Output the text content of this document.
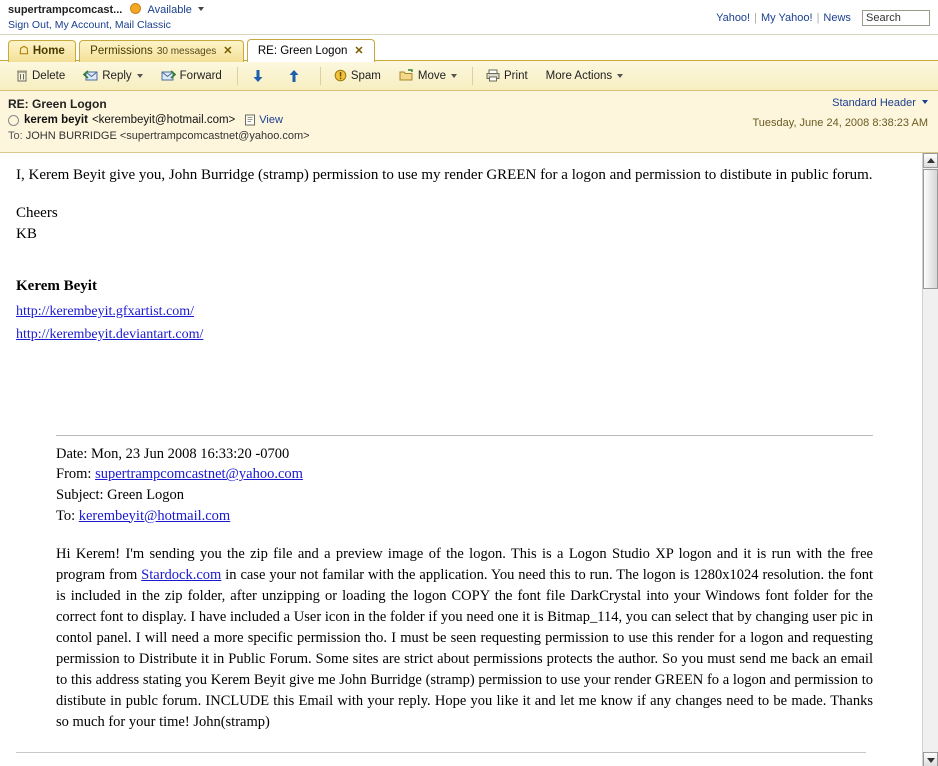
supertrampcomcast... Available
Sign Out, My Account, Mail Classic
Yahoo! | My Yahoo! | News Search
☖ Home Permissions 30 messages ✕ RE: Green Logon ✕
Delete	Reply	Forward	Spam	Move	Print More Actions
RE: Green Logon
kerem beyit <kerembeyit@hotmail.com> View
To: JOHN BURRIDGE <supertrampcomcastnet@yahoo.com>
Standard Header
Tuesday, June 24, 2008 8:38:23 AM
I, Kerem Beyit give you, John Burridge (stramp) permission to use my render GREEN for a logon and permission to distibute in public forum.
Cheers
KB
Kerem Beyit
http://kerembeyit.gfxartist.com/
http://kerembeyit.deviantart.com/
Date: Mon, 23 Jun 2008 16:33:20 -0700
From: supertrampcomcastnet@yahoo.com
Subject: Green Logon
To: kerembeyit@hotmail.com
Hi Kerem! I'm sending you the zip file and a preview image of the logon. This is a Logon Studio XP logon and it is run with the free program from Stardock.com in case your not familar with the application. You need this to run. The logon is 1280x1024 resolution. the font is included in the zip folder, after unzipping or loading the logon COPY the font file DarkCrystal into your Windows font folder for the correct font to display. I have included a User icon in the folder if you need one it is Bitmap_114, you can select that by changing user pic in contol panel. I will need a more specific permission tho. I must be seen requesting permission to use this render for a logon and requesting permission to Distribute it in Public Forum. Some sites are strict about permissions protects the author. So you must send me back an email to this address stating you Kerem Beyit give me John Burridge (stramp) permission to use your render GREEN fo a logon and permission to distibute in publc forum. INCLUDE this Email with your reply. Hope you like it and let me know if any changes need to be made. Thanks so much for your time! John(stramp)
